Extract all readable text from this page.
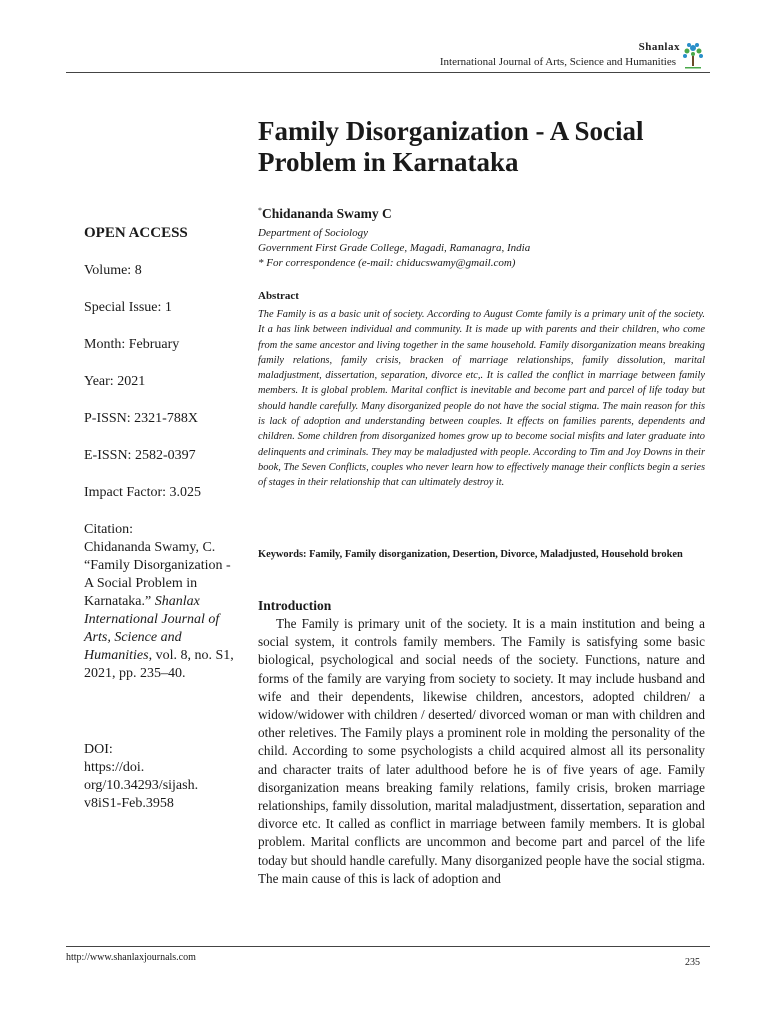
Shanlax
International Journal of Arts, Science and Humanities
Family Disorganization - A Social Problem in Karnataka
*Chidananda Swamy C
Department of Sociology
Government First Grade College, Magadi, Ramanagra, India
* For correspondence (e-mail: chiducswamy@gmail.com)
OPEN ACCESS
Volume: 8
Special Issue: 1
Month: February
Year: 2021
P-ISSN: 2321-788X
E-ISSN: 2582-0397
Impact Factor: 3.025

Citation:

Chidananda Swamy, C. “Family Disorganization - A Social Problem in Karnataka.” Shanlax International Journal of Arts, Science and Humanities, vol. 8, no. S1, 2021, pp. 235–40.

DOI:
https://doi. org/10.34293/sijash. v8iS1-Feb.3958
Abstract
The Family is as a basic unit of society. According to August Comte family is a primary unit of the society. It a has link between individual and community. It is made up with parents and their children, who come from the same ancestor and living together in the same household. Family disorganization means breaking family relations, family crisis, bracken of marriage relationships, family dissolution, marital maladjustment, dissertation, separation, divorce etc,. It is called the conflict in marriage between family members. It is global problem. Marital conflict is inevitable and become part and parcel of life today but should handle carefully. Many disorganized people do not have the social stigma. The main reason for this is lack of adoption and understanding between couples. It effects on families parents, dependents and children. Some children from disorganized homes grow up to become social misfits and later graduate into delinquents and criminals. They may be maladjusted with people. According to Tim and Joy Downs in their book, The Seven Conflicts, couples who never learn how to effectively manage their conflicts begin a series of stages in their relationship that can ultimately destroy it.
Keywords: Family, Family disorganization, Desertion, Divorce, Maladjusted, Household broken
Introduction
The Family is primary unit of the society. It is a main institution and being a social system, it controls family members. The Family is satisfying some basic biological, psychological and social needs of the society. Functions, nature and forms of the family are varying from society to society. It may include husband and wife and their dependents, likewise children, ancestors, adopted children/ a widow/widower with children / deserted/ divorced woman or man with children and other reletives. The Family plays a prominent role in molding the personality of the child. According to some psychologists a child acquired almost all its personality and character traits of later adulthood before he is of five years of age. Family disorganization means breaking family relations, family crisis, broken marriage relationships, family dissolution, marital maladjustment, dissertation, separation and divorce etc. It called as conflict in marriage between family members. It is global problem. Marital conflicts are uncommon and become part and parcel of the life today but should handle carefully. Many disorganized people have the social stigma. The main cause of this is lack of adoption and
http://www.shanlaxjournals.com	235
